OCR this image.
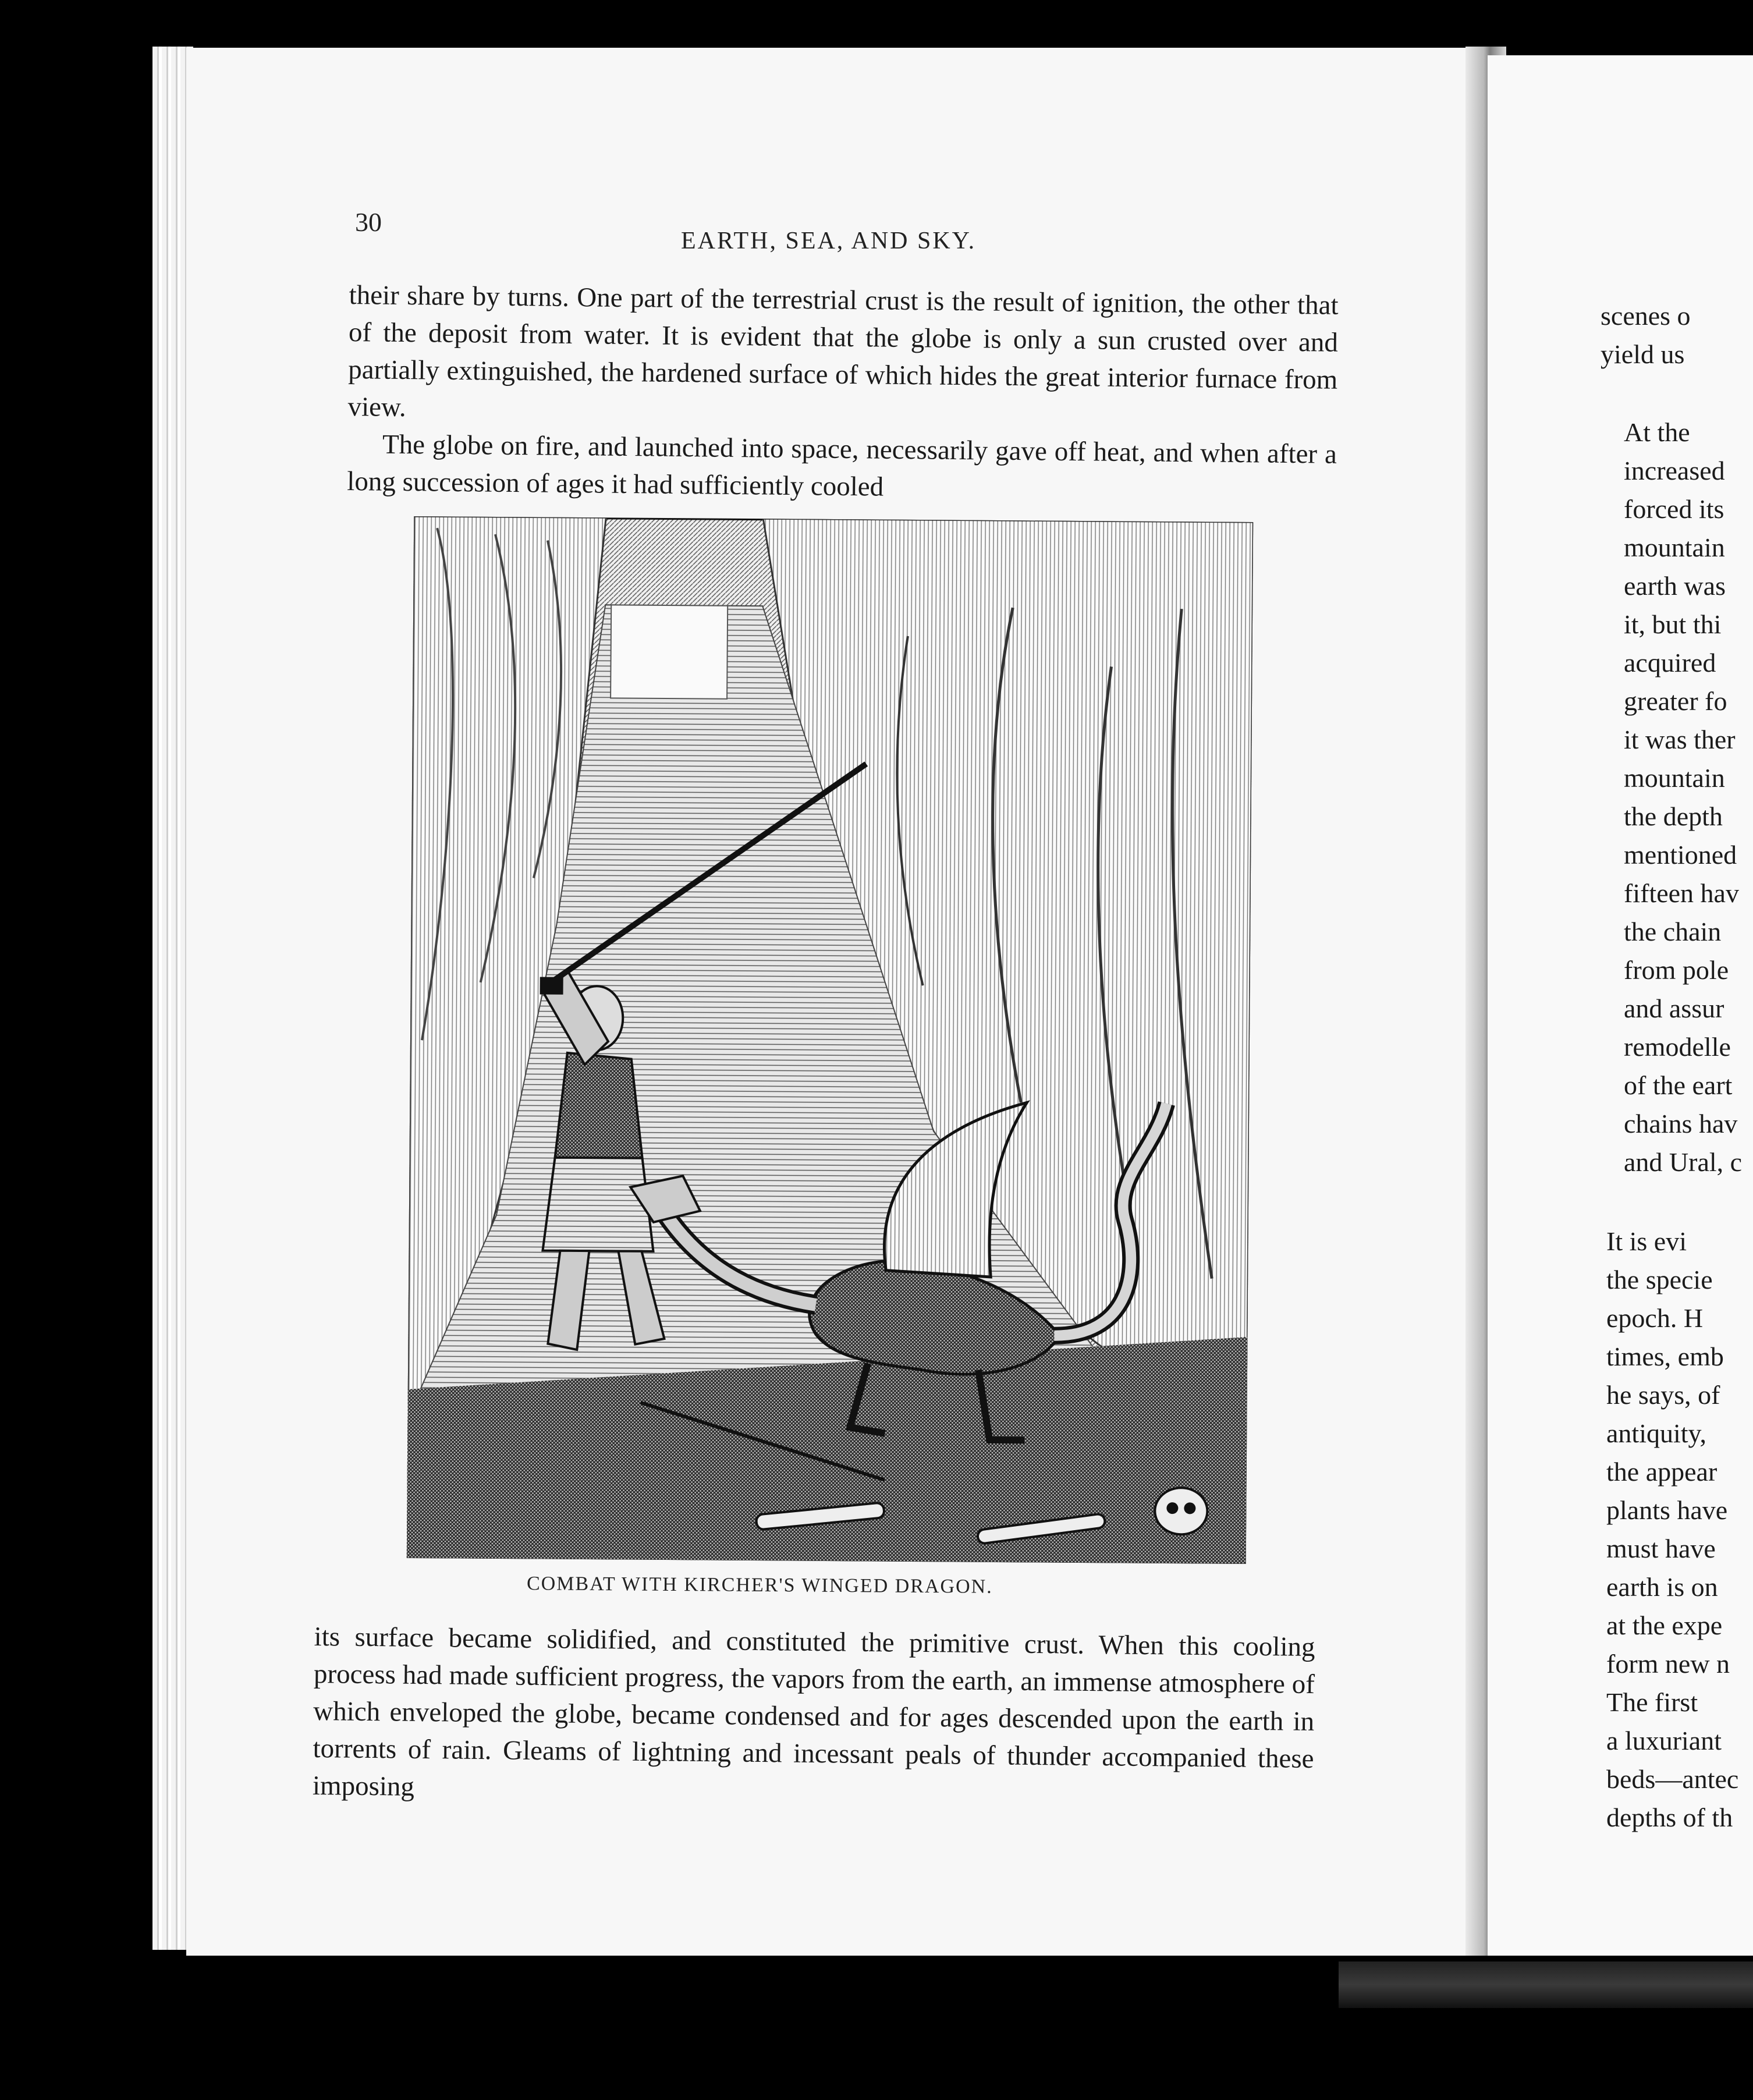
30
EARTH, SEA, AND SKY.

their share by turns. One part of the terrestrial crust is the result of ignition, the other that of the deposit from water. It is evident that the globe is only a sun crusted over and partially extinguished, the hardened surface of which hides the great interior furnace from view.

The globe on fire, and launched into space, necessarily gave off heat, and when after a long succession of ages it had sufficiently cooled

COMBAT WITH KIRCHER'S WINGED DRAGON.

its surface became solidified, and constituted the primitive crust. When this cooling process had made sufficient progress, the vapors from the earth, an immense atmosphere of which enveloped the globe, became condensed and for ages descended upon the earth in torrents of rain. Gleams of lightning and incessant peals of thunder accompanied these imposing

scenes o
yield us
At the
increased
forced its
mountain
earth was
it, but thi
acquired
greater fo
it was ther
mountain
the depth
mentioned
fifteen hav
the chain
from pole
and assur
remodelle
of the eart
chains hav
and Ural, c
It is evi
the specie
epoch. H
times, emb
he says, of
antiquity,
the appear
plants have
must have
earth is on
at the expe
form new n
The first
a luxuriant
beds—antec
depths of th
